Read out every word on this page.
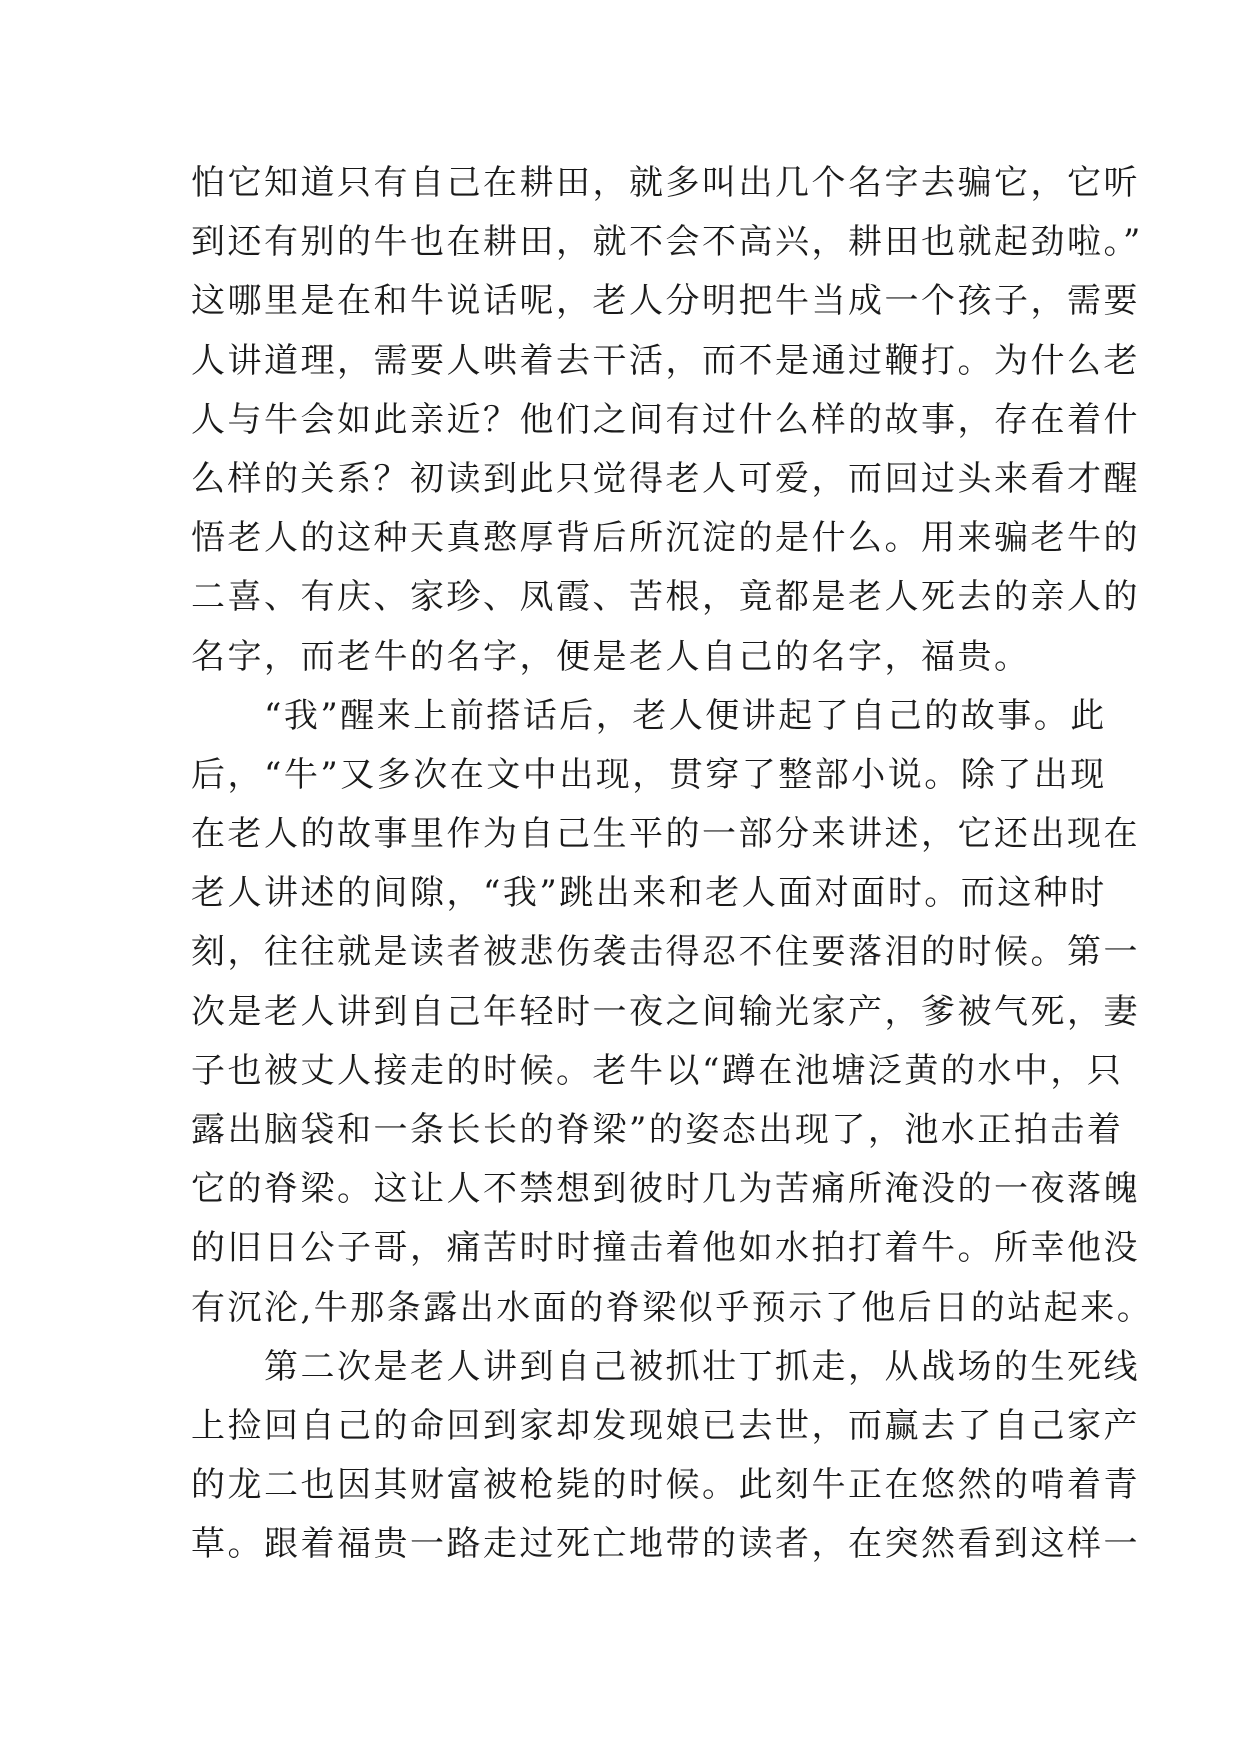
怕它知道只有自己在耕田，就多叫出几个名字去骗它，它听
到还有别的牛也在耕田，就不会不高兴，耕田也就起劲啦。”
这哪里是在和牛说话呢，老人分明把牛当成一个孩子，需要
人讲道理，需要人哄着去干活，而不是通过鞭打。为什么老
人与牛会如此亲近？他们之间有过什么样的故事，存在着什
么样的关系？初读到此只觉得老人可爱，而回过头来看才醒
悟老人的这种天真憨厚背后所沉淀的是什么。用来骗老牛的
二喜、有庆、家珍、凤霞、苦根，竟都是老人死去的亲人的
名字，而老牛的名字，便是老人自己的名字，福贵。
　　“我”醒来上前搭话后，老人便讲起了自己的故事。此
后，“牛”又多次在文中出现，贯穿了整部小说。除了出现
在老人的故事里作为自己生平的一部分来讲述，它还出现在
老人讲述的间隙，“我”跳出来和老人面对面时。而这种时
刻，往往就是读者被悲伤袭击得忍不住要落泪的时候。第一
次是老人讲到自己年轻时一夜之间输光家产，爹被气死，妻
子也被丈人接走的时候。老牛以“蹲在池塘泛黄的水中，只
露出脑袋和一条长长的脊梁”的姿态出现了，池水正拍击着
它的脊梁。这让人不禁想到彼时几为苦痛所淹没的一夜落魄
的旧日公子哥，痛苦时时撞击着他如水拍打着牛。所幸他没
有沉沦,牛那条露出水面的脊梁似乎预示了他后日的站起来。
　　第二次是老人讲到自己被抓壮丁抓走，从战场的生死线
上捡回自己的命回到家却发现娘已去世，而赢去了自己家产
的龙二也因其财富被枪毙的时候。此刻牛正在悠然的啃着青
草。跟着福贵一路走过死亡地带的读者，在突然看到这样一
